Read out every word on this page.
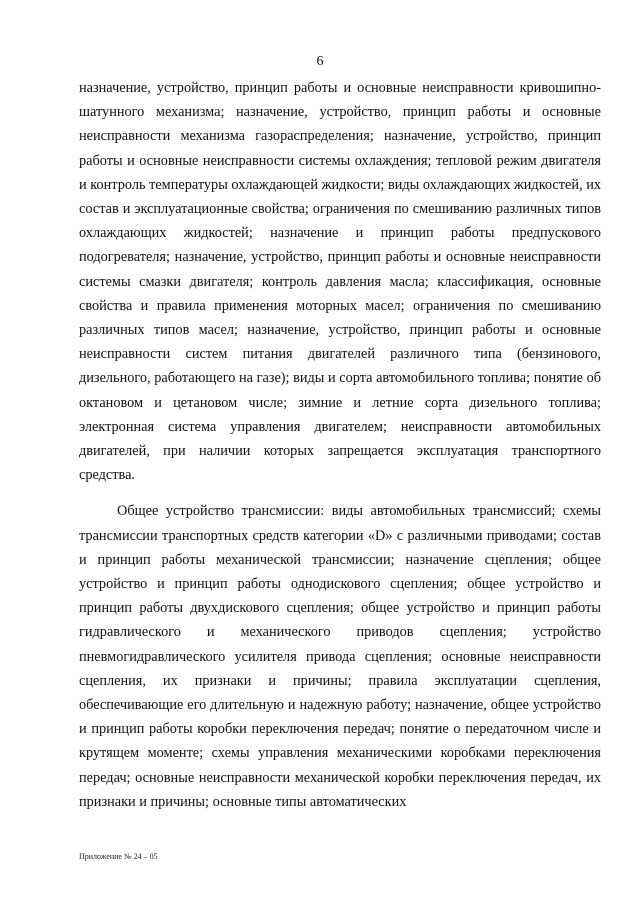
6

назначение, устройство, принцип работы и основные неисправности кривошипно-шатунного механизма; назначение, устройство, принцип работы и основные неисправности механизма газораспределения; назначение, устройство, принцип работы и основные неисправности системы охлаждения; тепловой режим двигателя и контроль температуры охлаждающей жидкости; виды охлаждающих жидкостей, их состав и эксплуатационные свойства; ограничения по смешиванию различных типов охлаждающих жидкостей; назначение и принцип работы предпускового подогревателя; назначение, устройство, принцип работы и основные неисправности системы смазки двигателя; контроль давления масла; классификация, основные свойства и правила применения моторных масел; ограничения по смешиванию различных типов масел; назначение, устройство, принцип работы и основные неисправности систем питания двигателей различного типа (бензинового, дизельного, работающего на газе); виды и сорта автомобильного топлива; понятие об октановом и цетановом числе; зимние и летние сорта дизельного топлива; электронная система управления двигателем; неисправности автомобильных двигателей, при наличии которых запрещается эксплуатация транспортного средства.

Общее устройство трансмиссии: виды автомобильных трансмиссий; схемы трансмиссии транспортных средств категории «D» с различными приводами; состав и принцип работы механической трансмиссии; назначение сцепления; общее устройство и принцип работы однодискового сцепления; общее устройство и принцип работы двухдискового сцепления; общее устройство и принцип работы гидравлического и механического приводов сцепления; устройство пневмогидравлического усилителя привода сцепления; основные неисправности сцепления, их признаки и причины; правила эксплуатации сцепления, обеспечивающие его длительную и надежную работу; назначение, общее устройство и принцип работы коробки переключения передач; понятие о передаточном числе и крутящем моменте; схемы управления механическими коробками переключения передач; основные неисправности механической коробки переключения передач, их признаки и причины; основные типы автоматических

Приложение № 24 – 05
